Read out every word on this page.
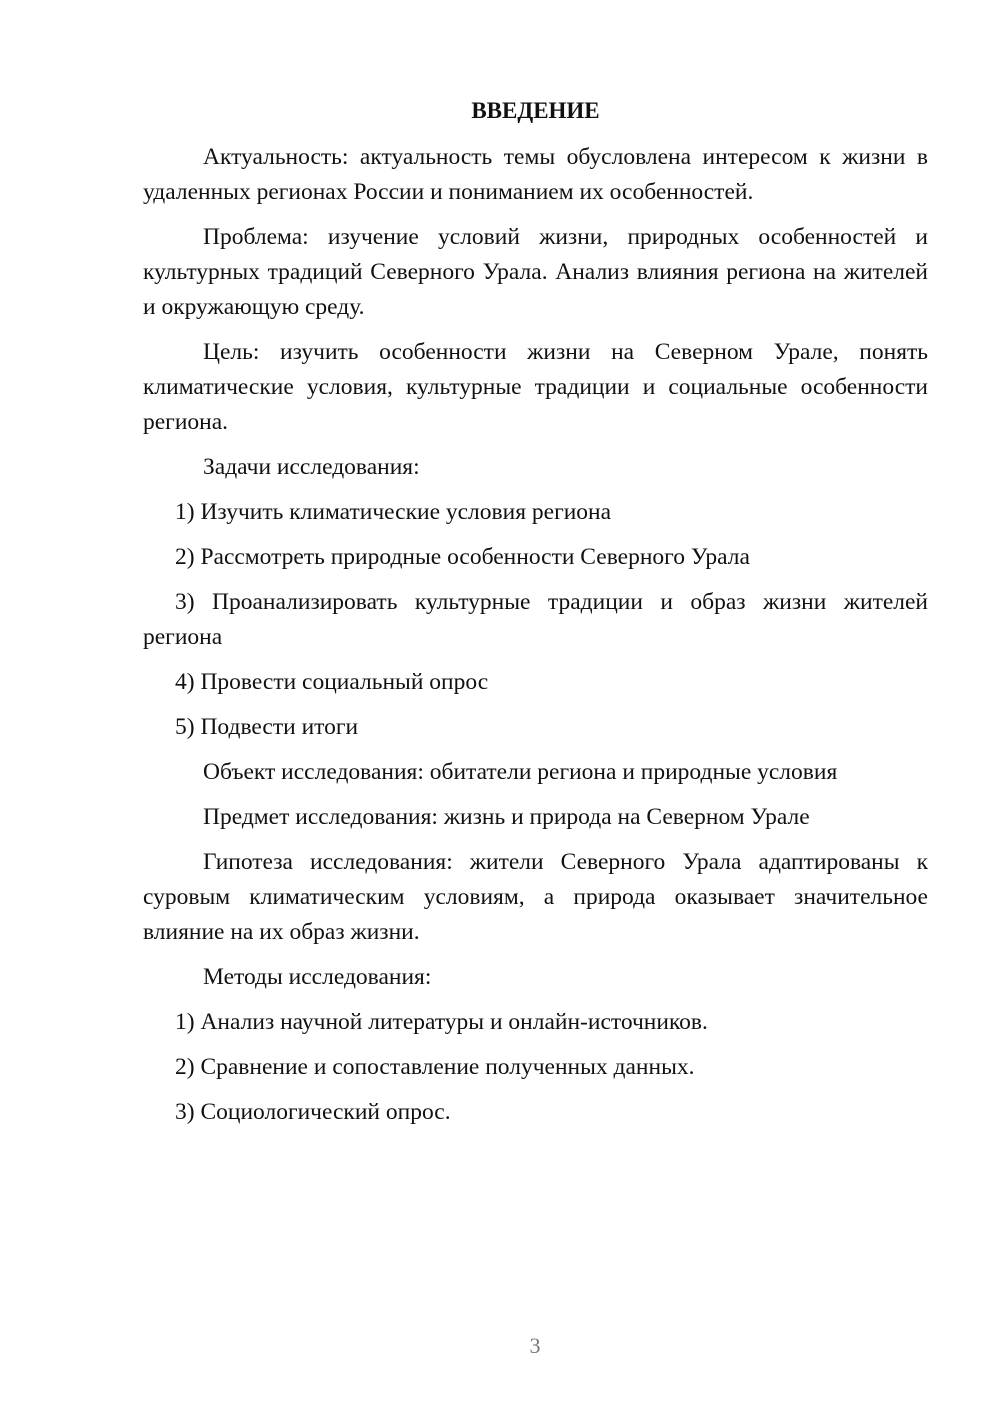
ВВЕДЕНИЕ

Актуальность: актуальность темы обусловлена интересом к жизни в удаленных регионах России и пониманием их особенностей.

Проблема: изучение условий жизни, природных особенностей и культурных традиций Северного Урала. Анализ влияния региона на жителей и окружающую среду.

Цель: изучить особенности жизни на Северном Урале, понять климатические условия, культурные традиции и социальные особенности региона.

Задачи исследования:

1) Изучить климатические условия региона

2) Рассмотреть природные особенности Северного Урала

3) Проанализировать культурные традиции и образ жизни жителей региона

4) Провести социальный опрос

5) Подвести итоги

Объект исследования: обитатели региона и природные условия

Предмет исследования: жизнь и природа на Северном Урале

Гипотеза исследования: жители Северного Урала адаптированы к суровым климатическим условиям, а природа оказывает значительное влияние на их образ жизни.

Методы исследования:

1) Анализ научной литературы и онлайн-источников.

2) Сравнение и сопоставление полученных данных.

3) Социологический опрос.

3
